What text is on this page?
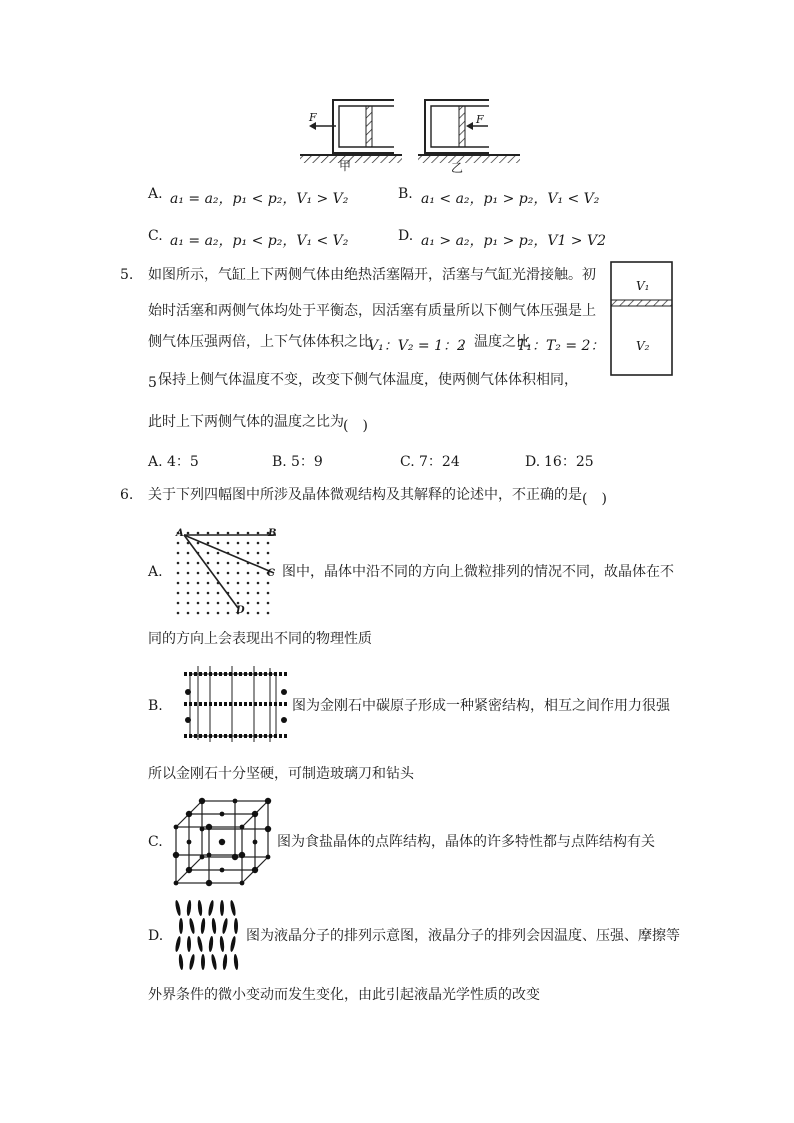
F	F
甲	乙
A. a₁ = a₂，p₁ < p₂，V₁ > V₂	B. a₁ < a₂，p₁ > p₂，V₁ < V₂
C. a₁ = a₂，p₁ < p₂，V₁ < V₂	D. a₁ > a₂，p₁ > p₂，V1 > V2
5. 如图所示，气缸上下两侧气体由绝热活塞隔开，活塞与气缸光滑接触。初
始时活塞和两侧气体均处于平衡态，因活塞有质量所以下侧气体压强是上
侧气体压强两倍，上下气体体积之比
V₁：V₂ = 1：2
，温度之比
T₁：T₂ = 2：
5 保持上侧气体温度不变，改变下侧气体温度，使两侧气体体积相同，
此时上下两侧气体的温度之比为 (　)
V₁
V₂
A. 4：5	B. 5：9	C. 7：24	D. 16：25
6. 关于下列四幅图中所涉及晶体微观结构及其解释的论述中，不正确的是 (　)
A.
A	B
C
D
图中，晶体中沿不同的方向上微粒排列的情况不同，故晶体在不
同的方向上会表现出不同的物理性质
B.	图为金刚石中碳原子形成一种紧密结构，相互之间作用力很强
所以金刚石十分坚硬，可制造玻璃刀和钻头
C.	图为食盐晶体的点阵结构，晶体的许多特性都与点阵结构有关
D.	图为液晶分子的排列示意图，液晶分子的排列会因温度、压强、摩擦等
外界条件的微小变动而发生变化，由此引起液晶光学性质的改变
